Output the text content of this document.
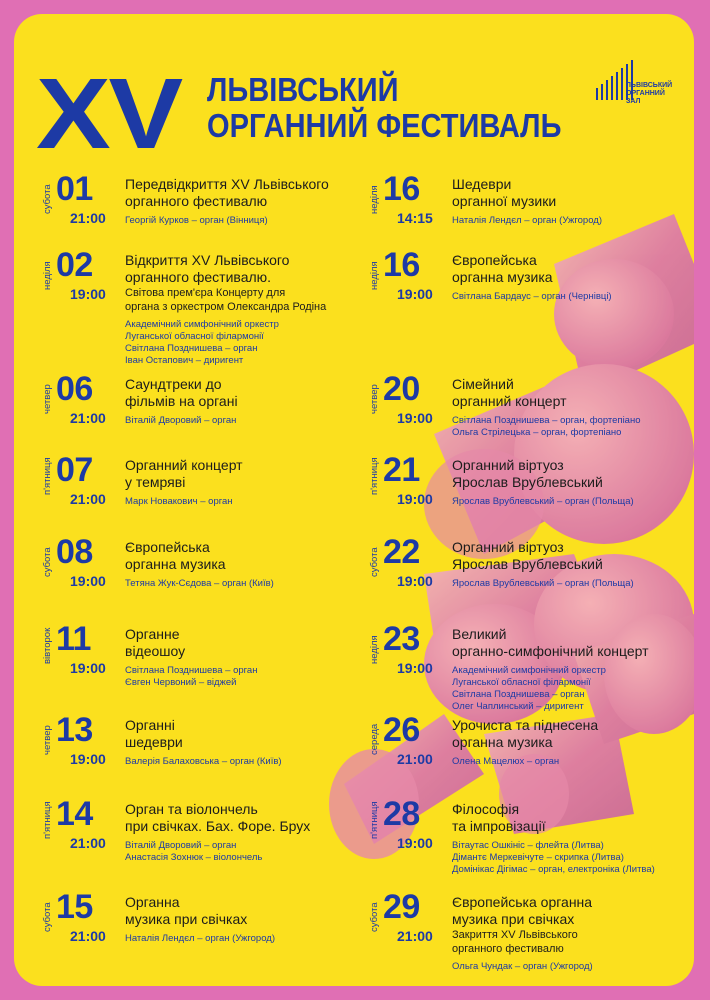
XV ЛЬВІВСЬКИЙ
ОРГАННИЙ ФЕСТИВАЛЬ
ЛЬВІВСЬКИЙ
ОРГАННИЙ
ЗАЛ
субота 01
21:00
Передвідкриття XV Львівського
органного фестивалю
Георгій Курков – орган (Вінниця)
неділя 02
19:00
Відкриття XV Львівського
органного фестивалю.
Світова прем'єра Концерту для
органа з оркестром Олександра Родіна
Академічний симфонічний оркестр
Луганської обласної філармонії
Світлана Позднишева – орган
Іван Остапович – диригент
четвер 06
21:00
Саундтреки до
фільмів на органі
Віталій Дворовий – орган
п'ятниця 07
21:00
Органний концерт
у темряві
Марк Новакович – орган
субота 08
19:00
Європейська
органна музика
Тетяна Жук-Сєдова – орган (Київ)
вівторок 11
19:00
Органне
відеошоу
Світлана Позднишева – орган
Євген Червоний – віджей
четвер 13
19:00
Органні
шедеври
Валерія Балаховська – орган (Київ)
п'ятниця 14
21:00
Орган та віолончель
при свічках. Бах. Форе. Брух
Віталій Дворовий – орган
Анастасія Зохнюк – віолончель
субота 15
21:00
Органна
музика при свічках
Наталія Лендєл – орган (Ужгород)
неділя 16
14:15
Шедеври
органної музики
Наталія Лендєл – орган (Ужгород)
неділя 16
19:00
Європейська
органна музика
Світлана Бардаус – орган (Чернівці)
четвер 20
19:00
Сімейний
органний концерт
Світлана Позднишева – орган, фортепіано
Ольга Стрілецька – орган, фортепіано
п'ятниця 21
19:00
Органний віртуоз
Ярослав Врублевський
Ярослав Врублевський – орган (Польща)
субота 22
19:00
Органний віртуоз
Ярослав Врублевський
Ярослав Врублевський – орган (Польща)
неділя 23
19:00
Великий
органно-симфонічний концерт
Академічний симфонічний оркестр
Луганської обласної філармонії
Світлана Позднишева – орган
Олег Чаплинський – диригент
середа 26
21:00
Урочиста та піднесена
органна музика
Олена Мацелюх – орган
п'ятниця 28
19:00
Філософія
та імпровізації
Вітаутас Ошкініс – флейта (Литва)
Дімантє Меркевічуте – скрипка (Литва)
Домінікас Дігімас – орган, електроніка (Литва)
субота 29
21:00
Європейська органна
музика при свічках
Закриття XV Львівського
органного фестивалю
Ольга Чундак – орган (Ужгород)
